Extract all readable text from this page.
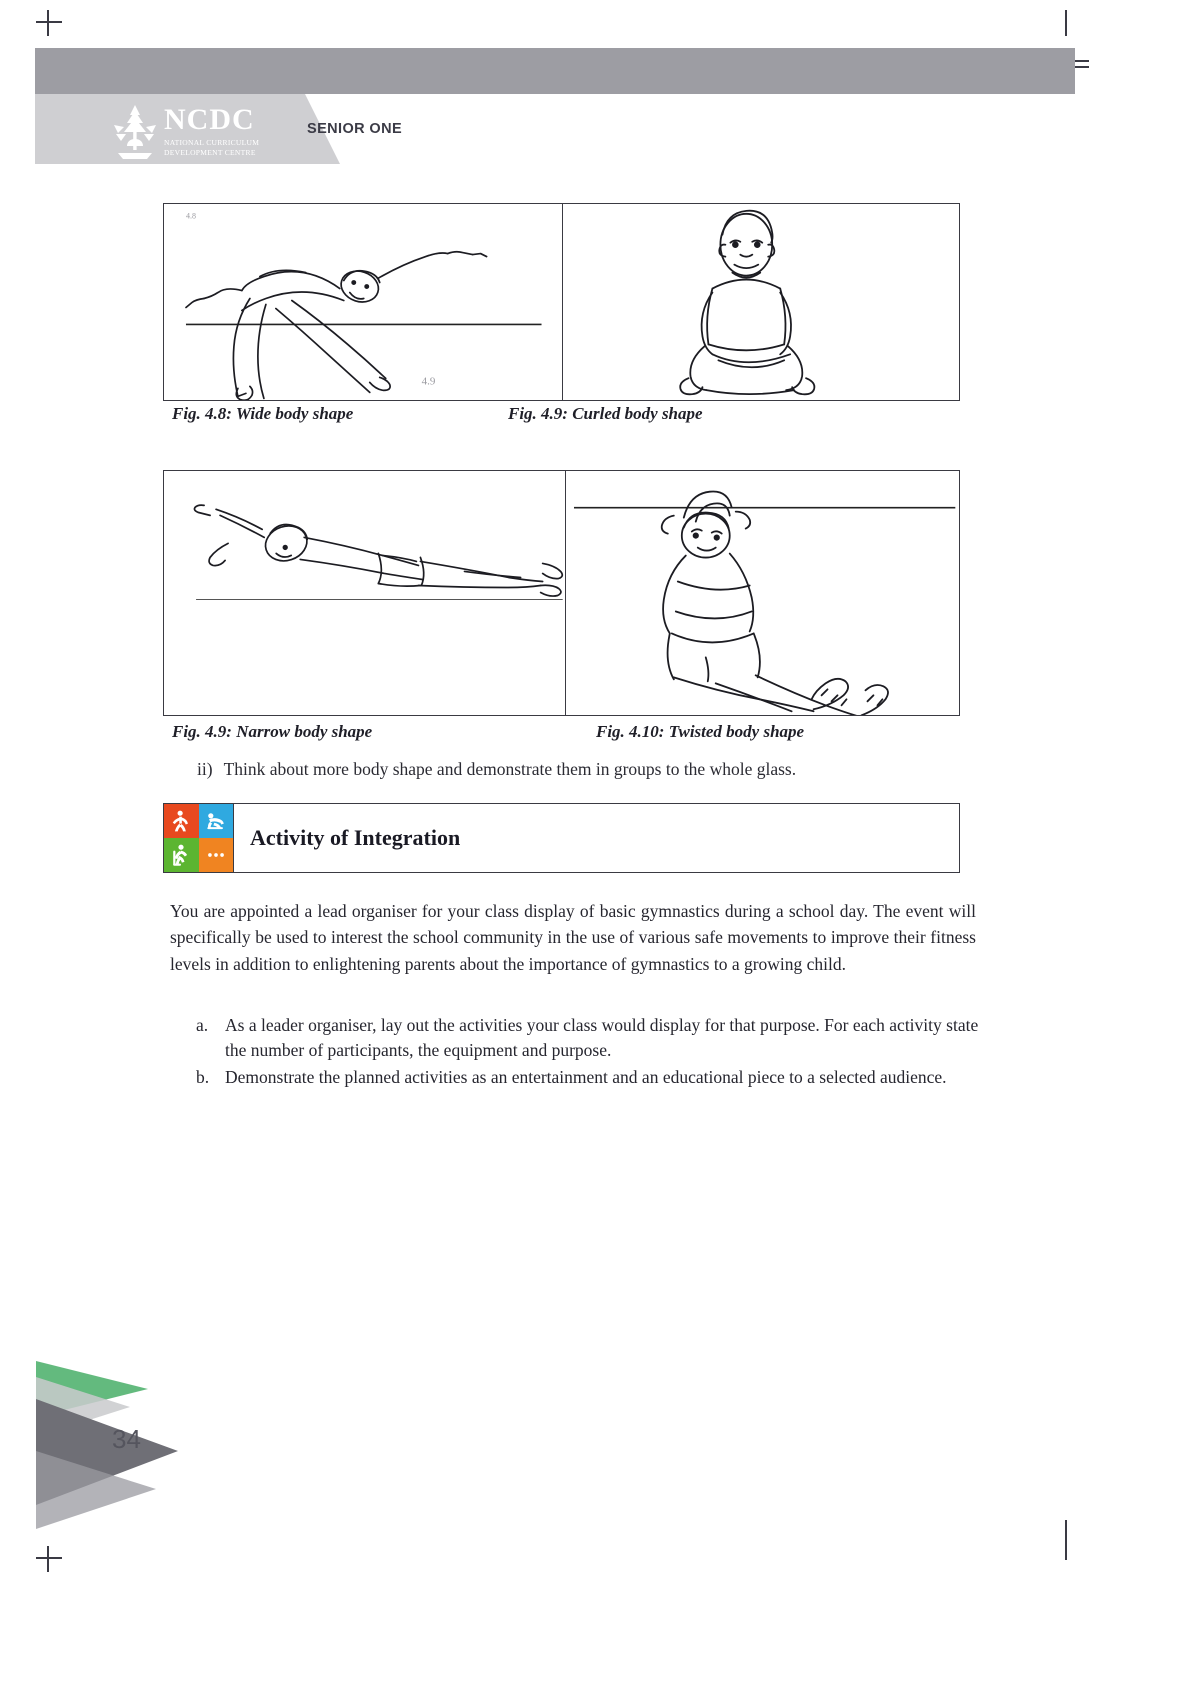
NCDC
NATIONAL CURRICULUM
DEVELOPMENT CENTRE
SENIOR ONE
4.8
4.9
Fig. 4.8: Wide body shape	Fig. 4.9: Curled body shape
Fig. 4.9: Narrow body shape	Fig. 4.10: Twisted body shape
ii) Think about more body shape and demonstrate them in groups to the whole glass.
Activity of Integration
You are appointed a lead organiser for your class display of basic gymnastics during a school day. The event will specifically be used to interest the school community in the use of various safe movements to improve their fitness levels in addition to enlightening parents about the importance of gymnastics to a growing child.
a. As a leader organiser, lay out the activities your class would display for that purpose. For each activity state the number of participants, the equipment and purpose.
b. Demonstrate the planned activities as an entertainment and an educational piece to a selected audience.
34
